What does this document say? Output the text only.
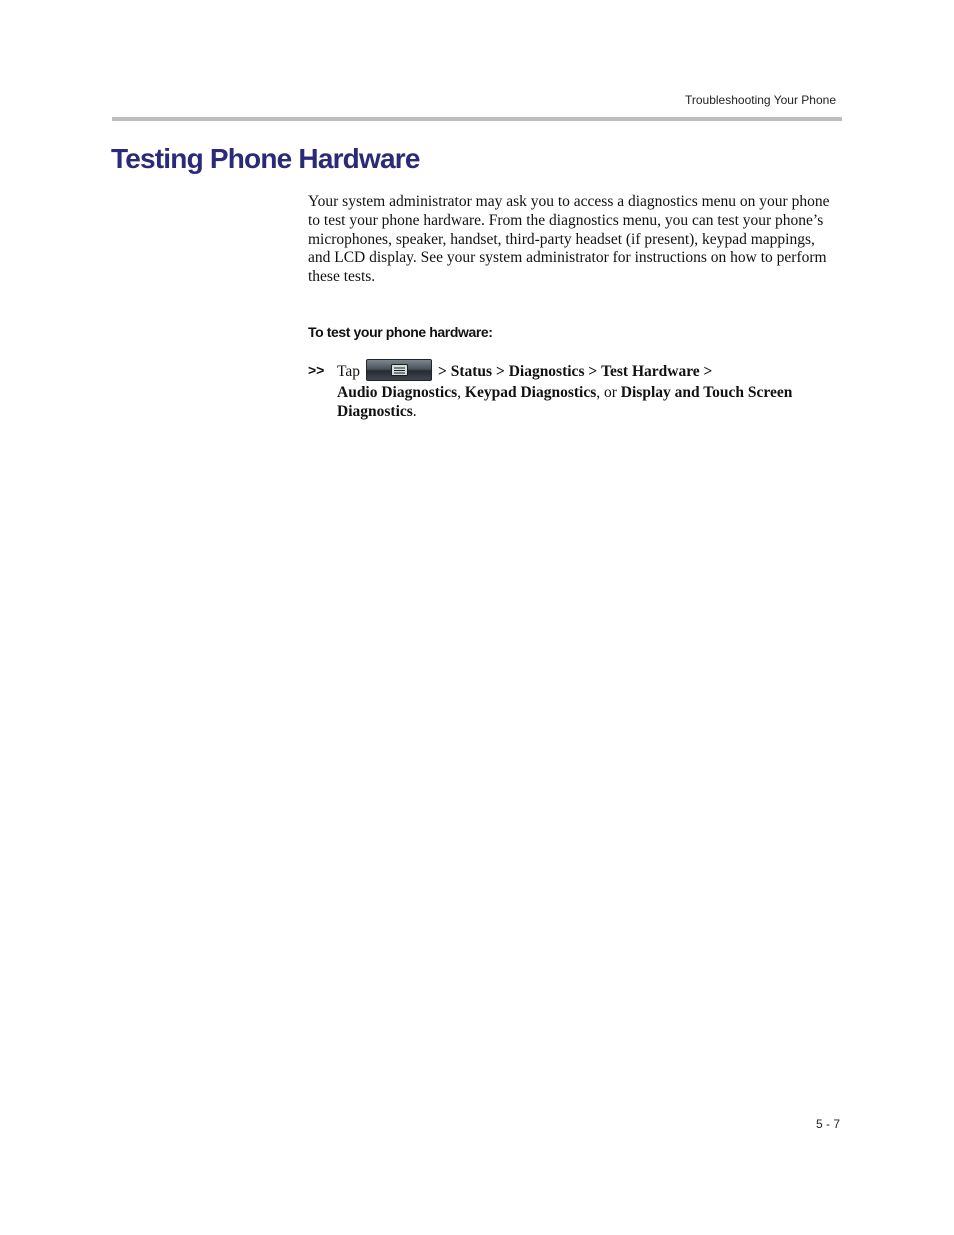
Troubleshooting Your Phone
Testing Phone Hardware

Your system administrator may ask you to access a diagnostics menu on your phone to test your phone hardware. From the diagnostics menu, you can test your phone’s microphones, speaker, handset, third-party headset (if present), keypad mappings, and LCD display. See your system administrator for instructions on how to perform these tests.

To test your phone hardware:

>> Tap	> Status > Diagnostics > Test Hardware >
Audio Diagnostics, Keypad Diagnostics, or Display and Touch Screen Diagnostics.
5 - 7
